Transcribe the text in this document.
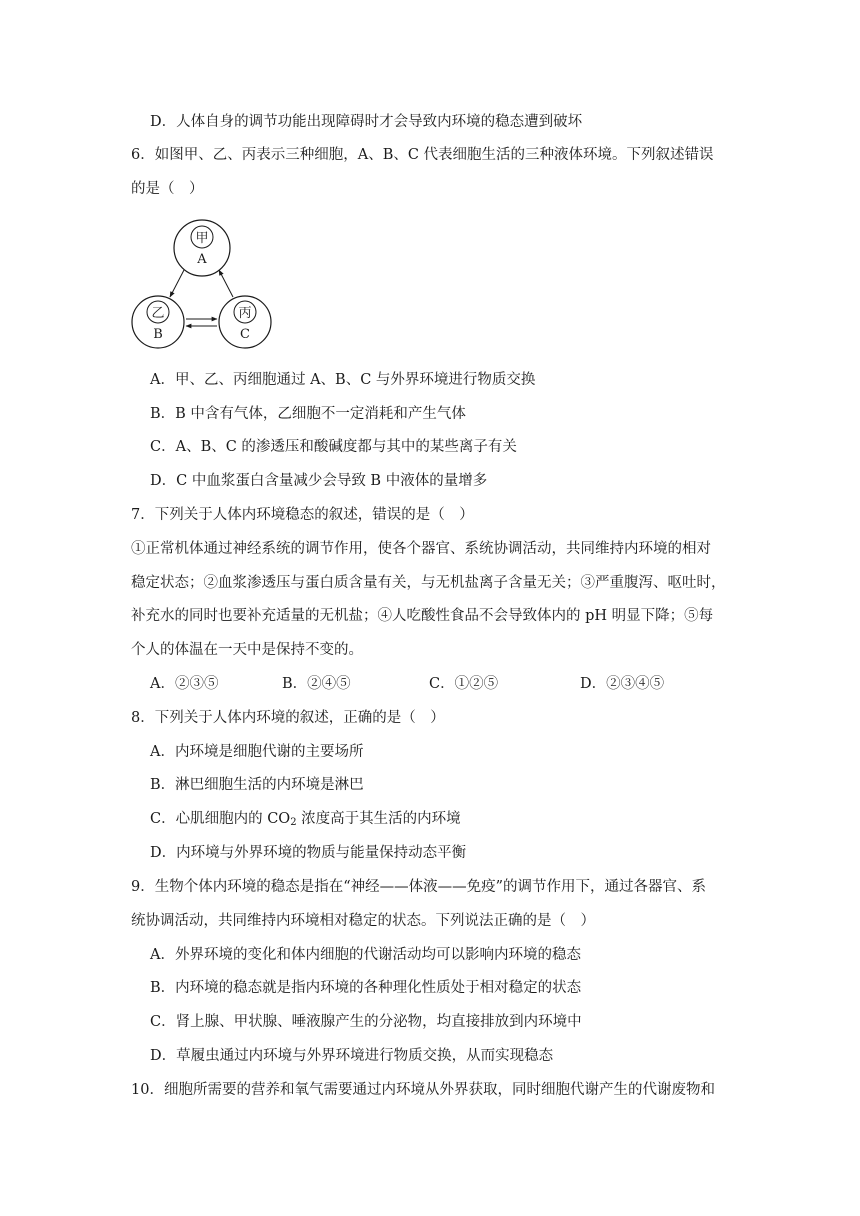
D．人体自身的调节功能出现障碍时才会导致内环境的稳态遭到破坏
6．如图甲、乙、丙表示三种细胞，A、B、C 代表细胞生活的三种液体环境。下列叙述错误
的是（　）
甲
A
乙
B
丙
C
A．甲、乙、丙细胞通过 A、B、C 与外界环境进行物质交换
B．B 中含有气体，乙细胞不一定消耗和产生气体
C．A、B、C 的渗透压和酸碱度都与其中的某些离子有关
D．C 中血浆蛋白含量减少会导致 B 中液体的量增多
7．下列关于人体内环境稳态的叙述，错误的是（　）
①正常机体通过神经系统的调节作用，使各个器官、系统协调活动，共同维持内环境的相对
稳定状态；②血浆渗透压与蛋白质含量有关，与无机盐离子含量无关；③严重腹泻、呕吐时，
补充水的同时也要补充适量的无机盐；④人吃酸性食品不会导致体内的 pH 明显下降；⑤每
个人的体温在一天中是保持不变的。
A．②③⑤	B．②④⑤	C．①②⑤	D．②③④⑤
8．下列关于人体内环境的叙述，正确的是（　）
A．内环境是细胞代谢的主要场所
B．淋巴细胞生活的内环境是淋巴
C．心肌细胞内的 $CO_2$ 浓度高于其生活的内环境
D．内环境与外界环境的物质与能量保持动态平衡
9．生物个体内环境的稳态是指在“神经——体液——免疫”的调节作用下，通过各器官、系
统协调活动，共同维持内环境相对稳定的状态。下列说法正确的是（　）
A．外界环境的变化和体内细胞的代谢活动均可以影响内环境的稳态
B．内环境的稳态就是指内环境的各种理化性质处于相对稳定的状态
C．肾上腺、甲状腺、唾液腺产生的分泌物，均直接排放到内环境中
D．草履虫通过内环境与外界环境进行物质交换，从而实现稳态
10．细胞所需要的营养和氧气需要通过内环境从外界获取，同时细胞代谢产生的代谢废物和
